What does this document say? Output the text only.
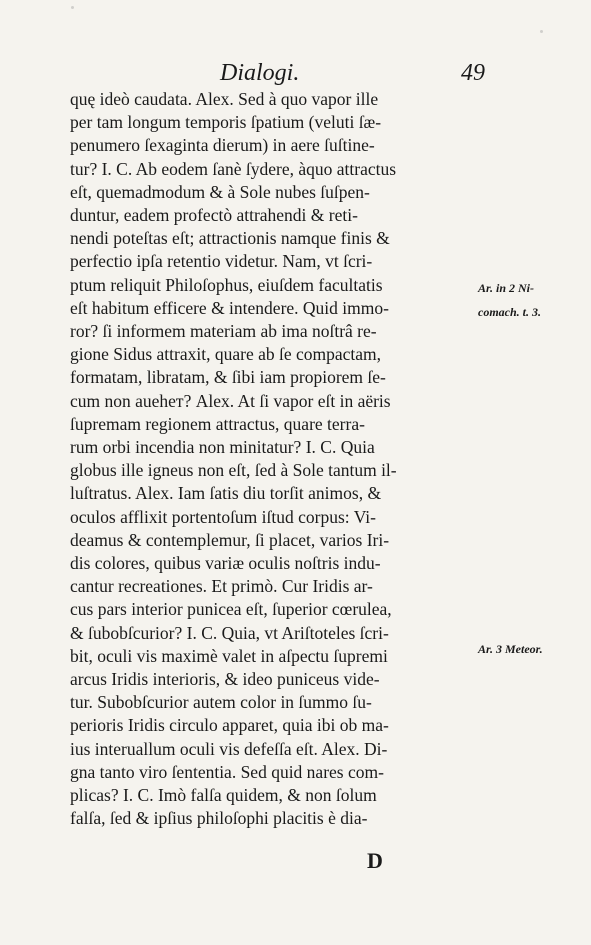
Dialogi.	49
quę ideò caudata. Alex. Sed à quo vapor ille
per tam longum temporis ſpatium (veluti ſæ-
penumero ſexaginta dierum) in aere ſuſtine-
tur? I. C. Ab eodem ſanè ſydere, àquo attractus
eſt, quemadmodum & à Sole nubes ſuſpen-
duntur, eadem profectò attrahendi & reti-
nendi poteſtas eſt; attractionis namque finis &
perfectio ipſa retentio videtur. Nam, vt ſcri-
ptum reliquit Philoſophus, eiuſdem facultatis
eſt habitum efficere & intendere. Quid immo-
ror? ſi informem materiam ab ima noſtrâ re-
gione Sidus attraxit, quare ab ſe compactam,
formatam, libratam, & ſibi iam propiorem ſe-
cum non aueheт? Alex. At ſi vapor eſt in aëris
ſupremam regionem attractus, quare terra-
rum orbi incendia non minitatur? I. C. Quia
globus ille igneus non eſt, ſed à Sole tantum il-
luſtratus. Alex. Iam ſatis diu torſit animos, &
oculos afflixit portentoſum iſtud corpus: Vi-
deamus & contemplemur, ſi placet, varios Iri-
dis colores, quibus variæ oculis noſtris indu-
cantur recreationes. Et primò. Cur Iridis ar-
cus pars interior punicea eſt, ſuperior cœrulea,
& ſubobſcurior? I. C. Quia, vt Ariſtoteles ſcri-
bit, oculi vis maximè valet in aſpectu ſupremi
arcus Iridis interioris, & ideo puniceus vide-
tur. Subobſcurior autem color in ſummo ſu-
perioris Iridis circulo apparet, quia ibi ob ma-
ius interuallum oculi vis defeſſa eſt. Alex. Di-
gna tanto viro ſententia. Sed quid nares com-
plicas? I. C. Imò falſa quidem, & non ſolum
falſa, ſed & ipſius philoſophi placitis è dia-
Ar. in 2 Ni-
comach. t. 3.
Ar. 3 Meteor.
D
